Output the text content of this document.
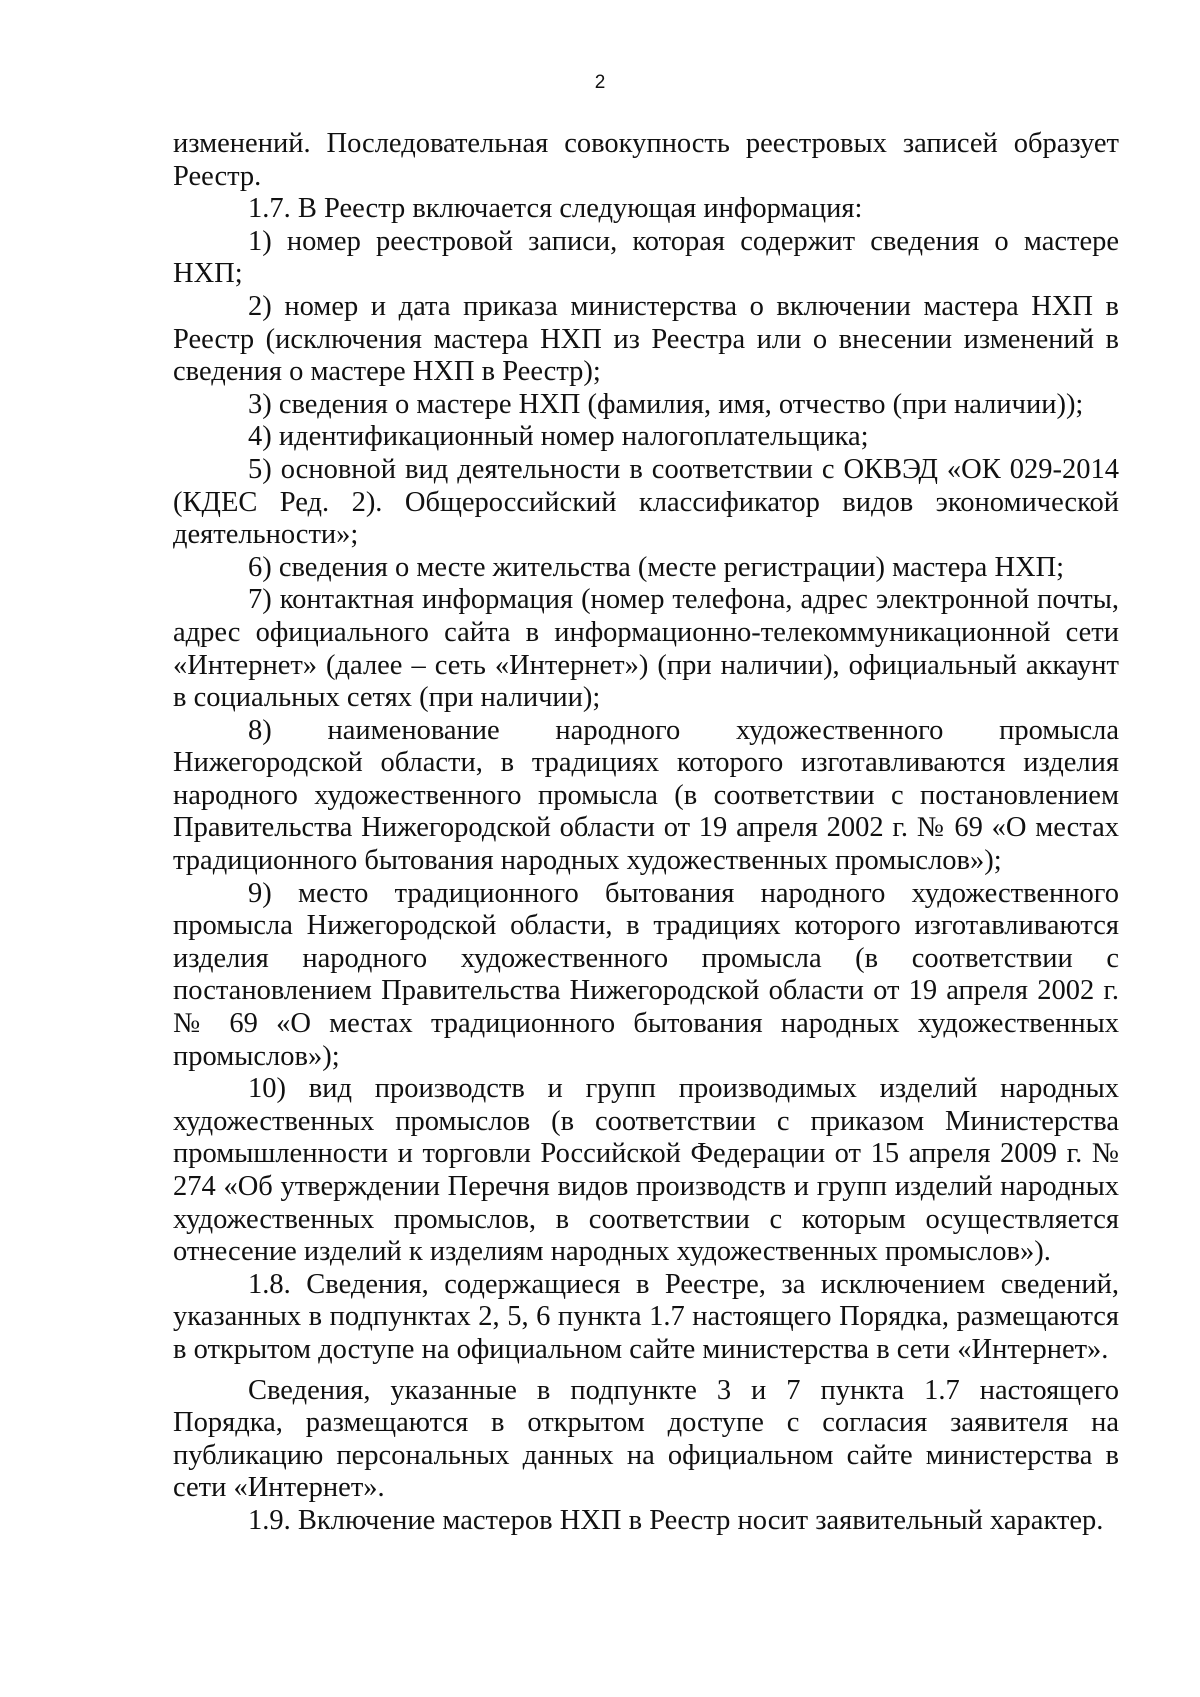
2

изменений. Последовательная совокупность реестровых записей образует Реестр.

1.7. В Реестр включается следующая информация:

1) номер реестровой записи, которая содержит сведения о мастере НХП;

2) номер и дата приказа министерства о включении мастера НХП в Реестр (исключения мастера НХП из Реестра или о внесении изменений в сведения о мастере НХП в Реестр);

3) сведения о мастере НХП (фамилия, имя, отчество (при наличии));

4) идентификационный номер налогоплательщика;

5) основной вид деятельности в соответствии с ОКВЭД «ОК 029-2014 (КДЕС Ред. 2). Общероссийский классификатор видов экономической деятельности»;

6) сведения о месте жительства (месте регистрации) мастера НХП;

7) контактная информация (номер телефона, адрес электронной почты, адрес официального сайта в информационно-телекоммуникационной сети «Интернет» (далее – сеть «Интернет») (при наличии), официальный аккаунт в социальных сетях (при наличии);

8) наименование народного художественного промысла Нижегородской области, в традициях которого изготавливаются изделия народного художественного промысла (в соответствии с постановлением Правительства Нижегородской области от 19 апреля 2002 г. № 69 «О местах традиционного бытования народных художественных промыслов»);

9) место традиционного бытования народного художественного промысла Нижегородской области, в традициях которого изготавливаются изделия народного художественного промысла (в соответствии с постановлением Правительства Нижегородской области от 19 апреля 2002 г. № 69 «О местах традиционного бытования народных художественных промыслов»);

10) вид производств и групп производимых изделий народных художественных промыслов (в соответствии с приказом Министерства промышленности и торговли Российской Федерации от 15 апреля 2009 г. № 274 «Об утверждении Перечня видов производств и групп изделий народных художественных промыслов, в соответствии с которым осуществляется отнесение изделий к изделиям народных художественных промыслов»).

1.8. Сведения, содержащиеся в Реестре, за исключением сведений, указанных в подпунктах 2, 5, 6 пункта 1.7 настоящего Порядка, размещаются в открытом доступе на официальном сайте министерства в сети «Интернет».

Сведения, указанные в подпункте 3 и 7 пункта 1.7 настоящего Порядка, размещаются в открытом доступе с согласия заявителя на публикацию персональных данных на официальном сайте министерства в сети «Интернет».

1.9. Включение мастеров НХП в Реестр носит заявительный характер.
